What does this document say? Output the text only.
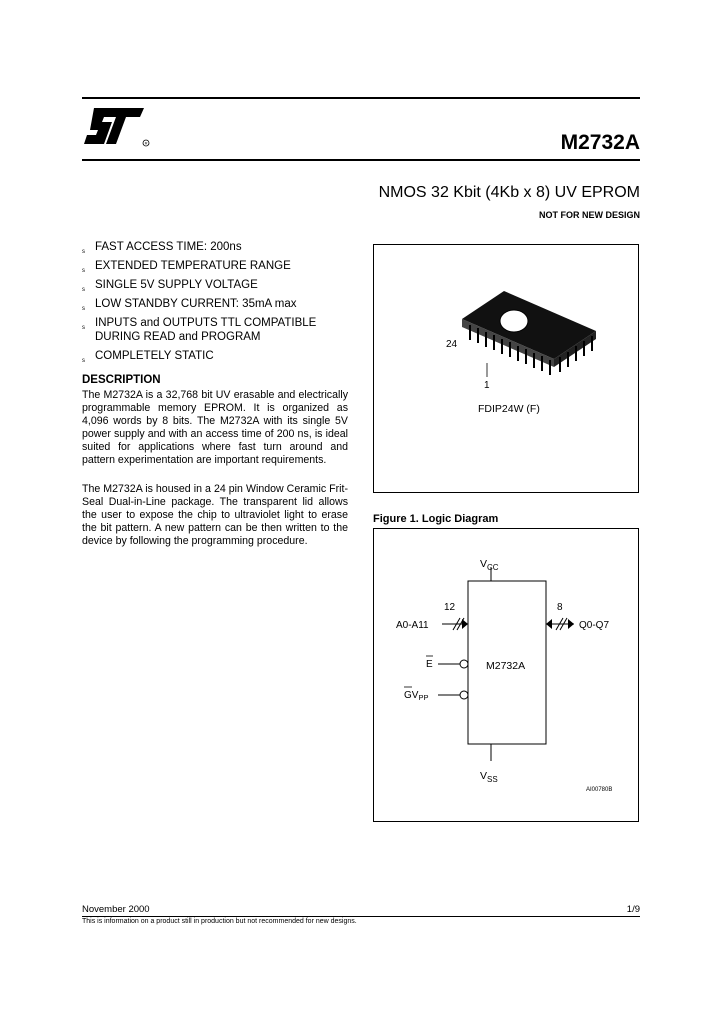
R	M2732A
NMOS 32 Kbit (4Kb x 8) UV EPROM
NOT FOR NEW DESIGN
s FAST ACCESS TIME: 200ns
s EXTENDED TEMPERATURE RANGE
s SINGLE 5V SUPPLY VOLTAGE
s LOW STANDBY CURRENT: 35mA max
s INPUTS and OUTPUTS TTL COMPATIBLE DURING READ and PROGRAM
s COMPLETELY STATIC
DESCRIPTION

The M2732A is a 32,768 bit UV erasable and electrically programmable memory EPROM. It is organized as 4,096 words by 8 bits. The M2732A with its single 5V power supply and with an access time of 200 ns, is ideal suited for applications where fast turn around and pattern experimentation are important requirements.

The M2732A is housed in a 24 pin Window Ceramic Frit-Seal Dual-in-Line package. The transparent lid allows the user to expose the chip to ultraviolet light to erase the bit pattern. A new pattern can be then written to the device by following the programming procedure.

24
1
FDIP24W (F)
Figure 1. Logic Diagram
M2732A
$V_{CC}$
$V_{SS}$
12
A0-A11
8
Q0-Q7
E
$GV_{PP}$
AI00780B
November 2000	1/9
This is information on a product still in production but not recommended for new designs.
